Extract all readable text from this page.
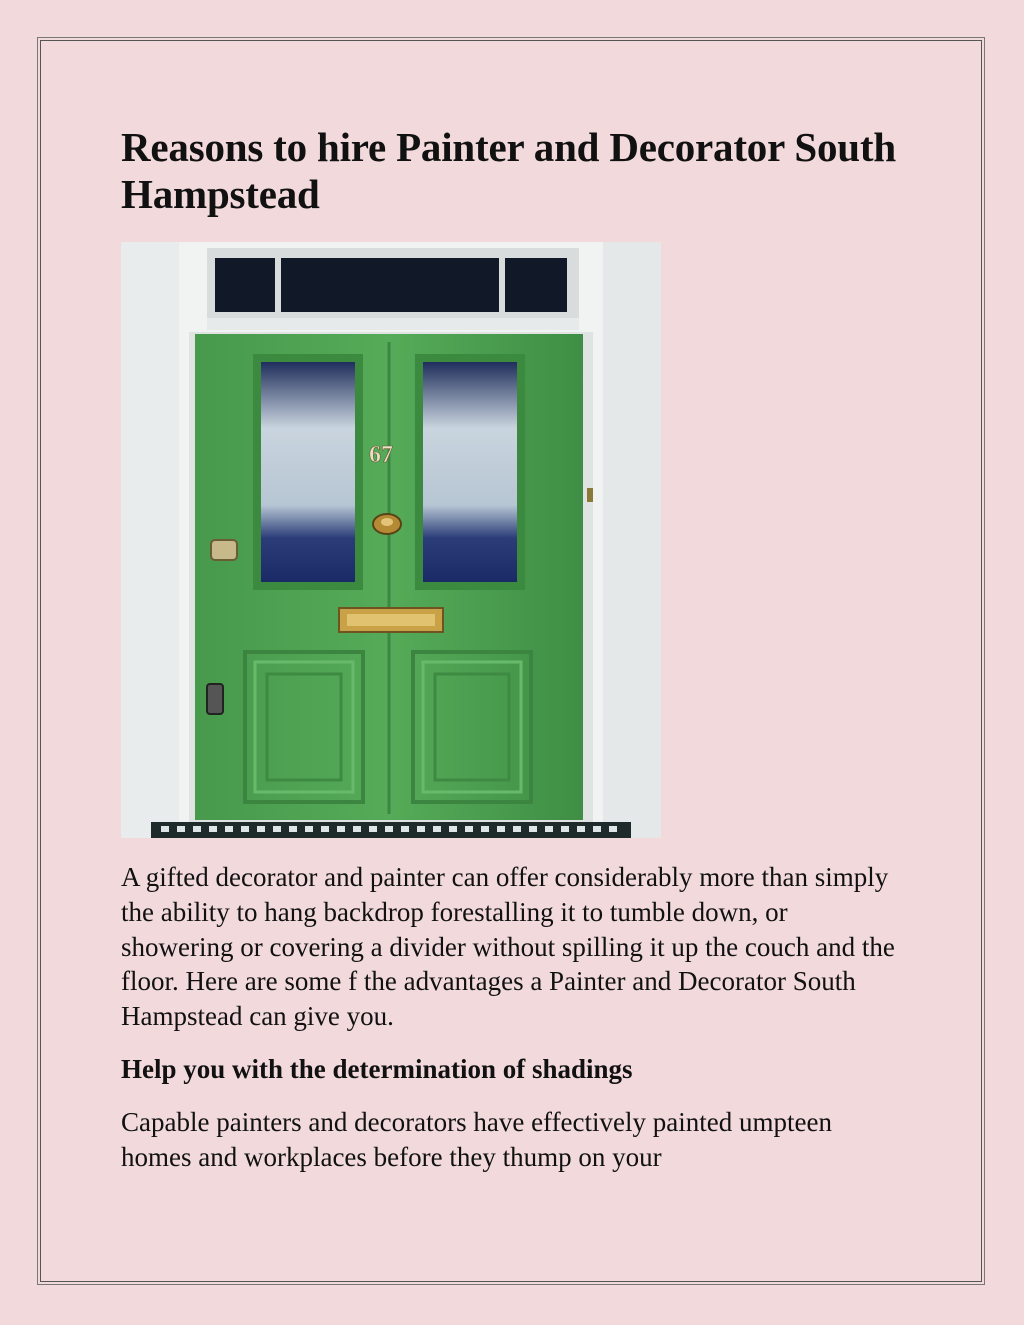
Reasons to hire Painter and Decorator South Hampstead
67

A gifted decorator and painter can offer considerably more than simply the ability to hang backdrop forestalling it to tumble down, or showering or covering a divider without spilling it up the couch and the floor. Here are some f the advantages a Painter and Decorator South Hampstead can give you.

Help you with the determination of shadings

Capable painters and decorators have effectively painted umpteen homes and workplaces before they thump on your
